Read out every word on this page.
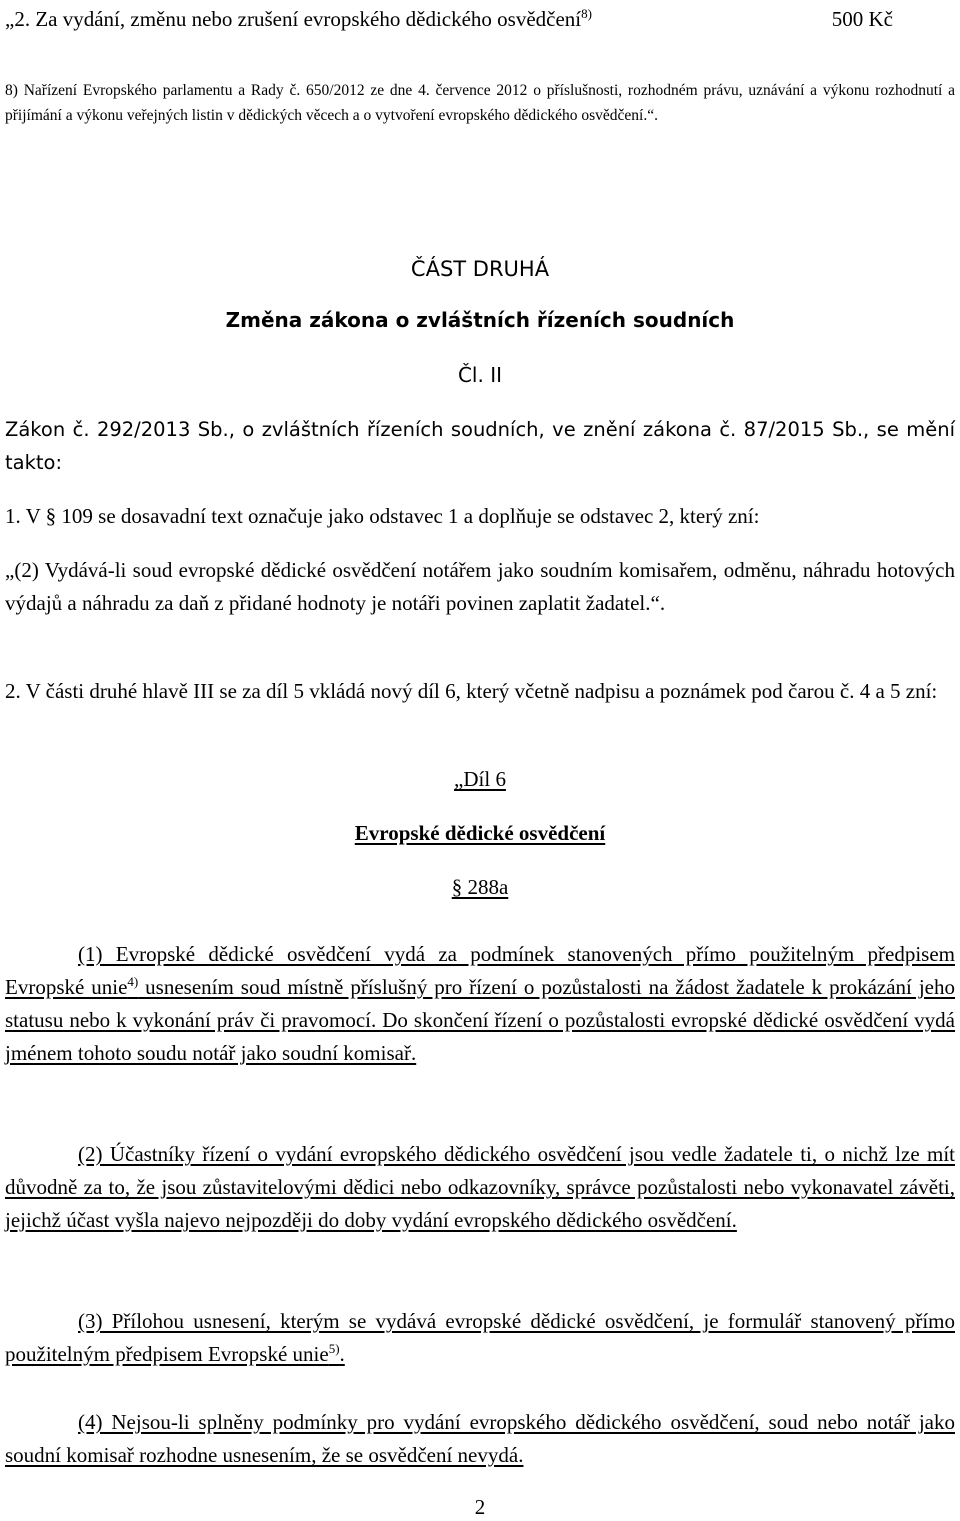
„2. Za vydání, změnu nebo zrušení evropského dědického osvědčení$^{8)}$	500 Kč

8) Nařízení Evropského parlamentu a Rady č. 650/2012 ze dne 4. července 2012 o příslušnosti, rozhodném právu, uznávání a výkonu rozhodnutí a přijímání a výkonu veřejných listin v dědických věcech a o vytvoření evropského dědického osvědčení.“.

ČÁST DRUHÁ
Změna zákona o zvláštních řízeních soudních
Čl. II

Zákon č. 292/2013 Sb., o zvláštních řízeních soudních, ve znění zákona č. 87/2015 Sb., se mění takto:

1. V § 109 se dosavadní text označuje jako odstavec 1 a doplňuje se odstavec 2, který zní:

„(2) Vydává-li soud evropské dědické osvědčení notářem jako soudním komisařem, odměnu, náhradu hotových výdajů a náhradu za daň z přidané hodnoty je notáři povinen zaplatit žadatel.“.

2. V části druhé hlavě III se za díl 5 vkládá nový díl 6, který včetně nadpisu a poznámek pod čarou č. 4 a 5 zní:

„Díl 6
Evropské dědické osvědčení
§ 288a

(1) Evropské dědické osvědčení vydá za podmínek stanovených přímo použitelným předpisem Evropské unie$^{4)}$ usnesením soud místně příslušný pro řízení o pozůstalosti na žádost žadatele k prokázání jeho statusu nebo k vykonání práv či pravomocí. Do skončení řízení o pozůstalosti evropské dědické osvědčení vydá jménem tohoto soudu notář jako soudní komisař.

(2) Účastníky řízení o vydání evropského dědického osvědčení jsou vedle žadatele ti, o nichž lze mít důvodně za to, že jsou zůstavitelovými dědici nebo odkazovníky, správce pozůstalosti nebo vykonavatel závěti, jejichž účast vyšla najevo nejpozději do doby vydání evropského dědického osvědčení.

(3) Přílohou usnesení, kterým se vydává evropské dědické osvědčení, je formulář stanovený přímo použitelným předpisem Evropské unie$^{5)}$.

(4) Nejsou-li splněny podmínky pro vydání evropského dědického osvědčení, soud nebo notář jako soudní komisař rozhodne usnesením, že se osvědčení nevydá.

2
